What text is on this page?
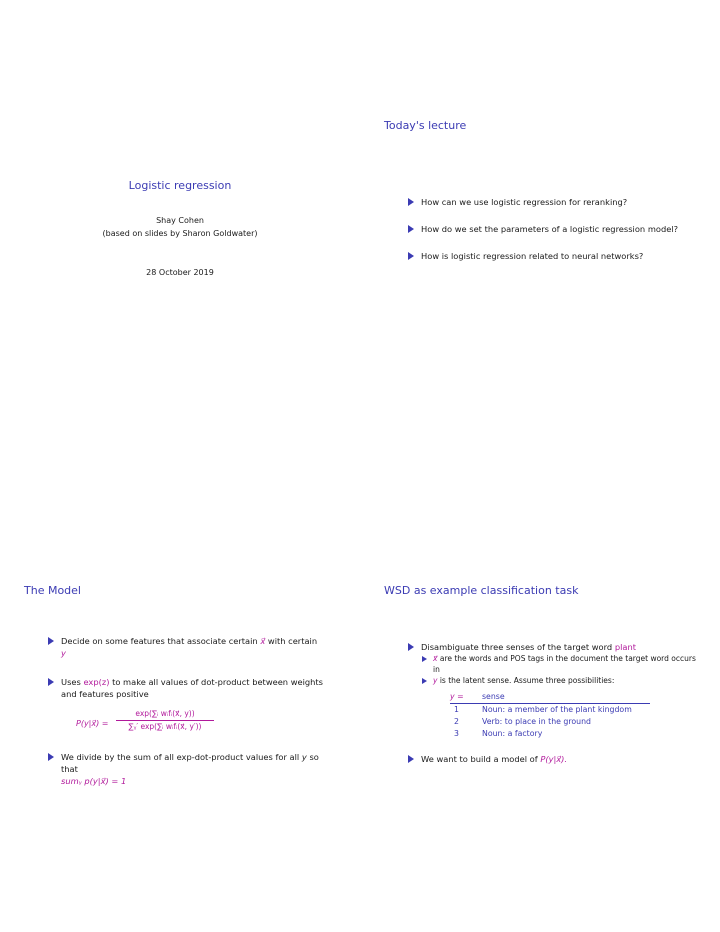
Logistic regression
Shay Cohen
(based on slides by Sharon Goldwater)
28 October 2019
Today's lecture
How can we use logistic regression for reranking?
How do we set the parameters of a logistic regression model?
How is logistic regression related to neural networks?
The Model
Decide on some features that associate certain x⃗ with certain
y
Uses exp(z) to make all values of dot-product between weights and features positive
P(y|x⃗) =
exp(∑ᵢ wᵢfᵢ(x⃗, y))
∑ᵧ′ exp(∑ᵢ wᵢfᵢ(x⃗, y′))
We divide by the sum of all exp-dot-product values for all y so that
sumᵧ p(y|x⃗) = 1
WSD as example classification task
Disambiguate three senses of the target word plant
x⃗ are the words and POS tags in the document the target word occurs in
y is the latent sense. Assume three possibilities:
y =	sense
1	Noun: a member of the plant kingdom
2	Verb: to place in the ground
3	Noun: a factory
We want to build a model of P(y|x⃗).
